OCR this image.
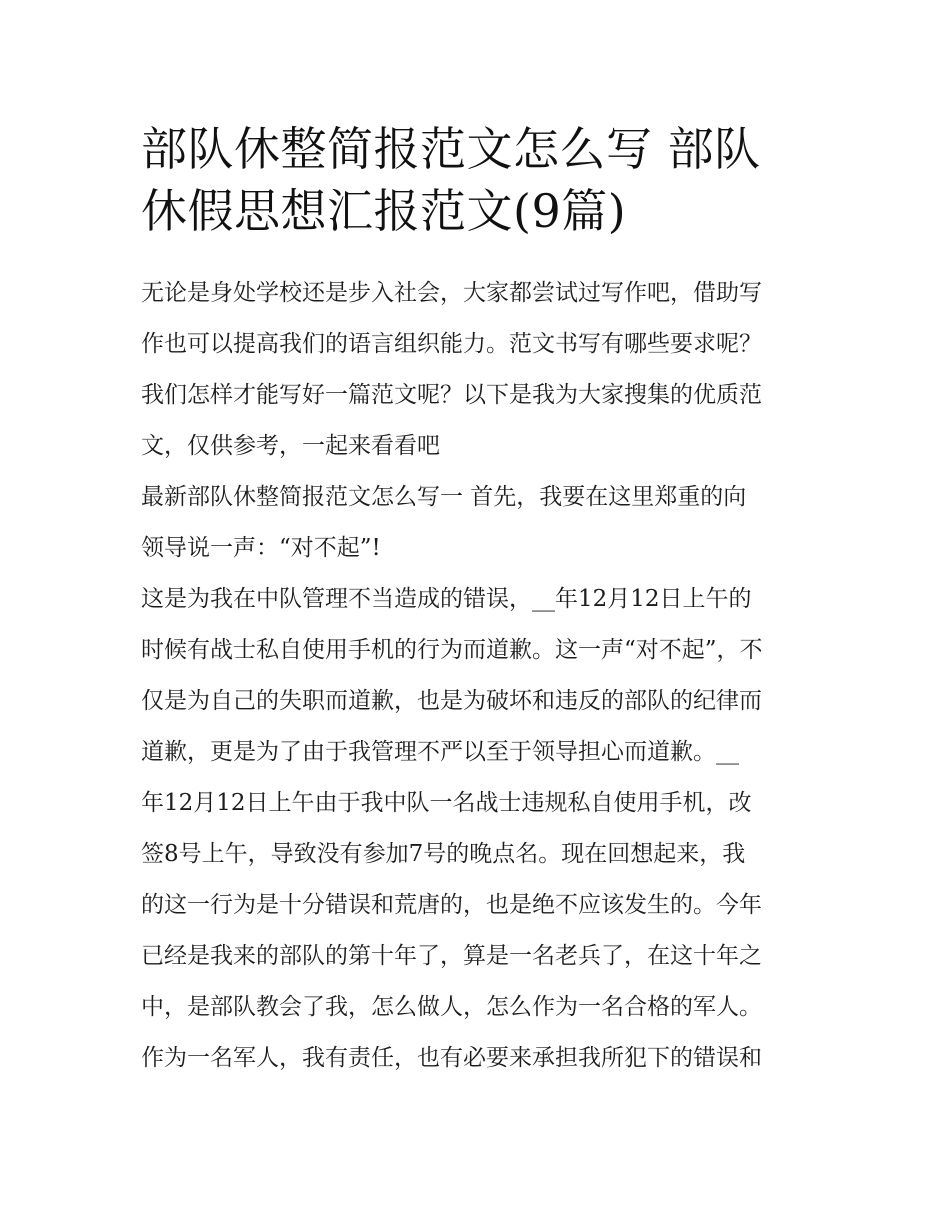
部队休整简报范文怎么写 部队
休假思想汇报范文(9篇)
无论是身处学校还是步入社会，大家都尝试过写作吧，借助写
作也可以提高我们的语言组织能力。范文书写有哪些要求呢？
我们怎样才能写好一篇范文呢？以下是我为大家搜集的优质范
文，仅供参考，一起来看看吧
最新部队休整简报范文怎么写一 首先，我要在这里郑重的向
领导说一声：“对不起”!
这是为我在中队管理不当造成的错误，__年12月12日上午的
时候有战士私自使用手机的行为而道歉。这一声“对不起”，不
仅是为自己的失职而道歉，也是为破坏和违反的部队的纪律而
道歉，更是为了由于我管理不严以至于领导担心而道歉。__
年12月12日上午由于我中队一名战士违规私自使用手机，改
签8号上午，导致没有参加7号的晚点名。现在回想起来，我
的这一行为是十分错误和荒唐的，也是绝不应该发生的。今年
已经是我来的部队的第十年了，算是一名老兵了，在这十年之
中，是部队教会了我，怎么做人，怎么作为一名合格的军人。
作为一名军人，我有责任，也有必要来承担我所犯下的错误和
